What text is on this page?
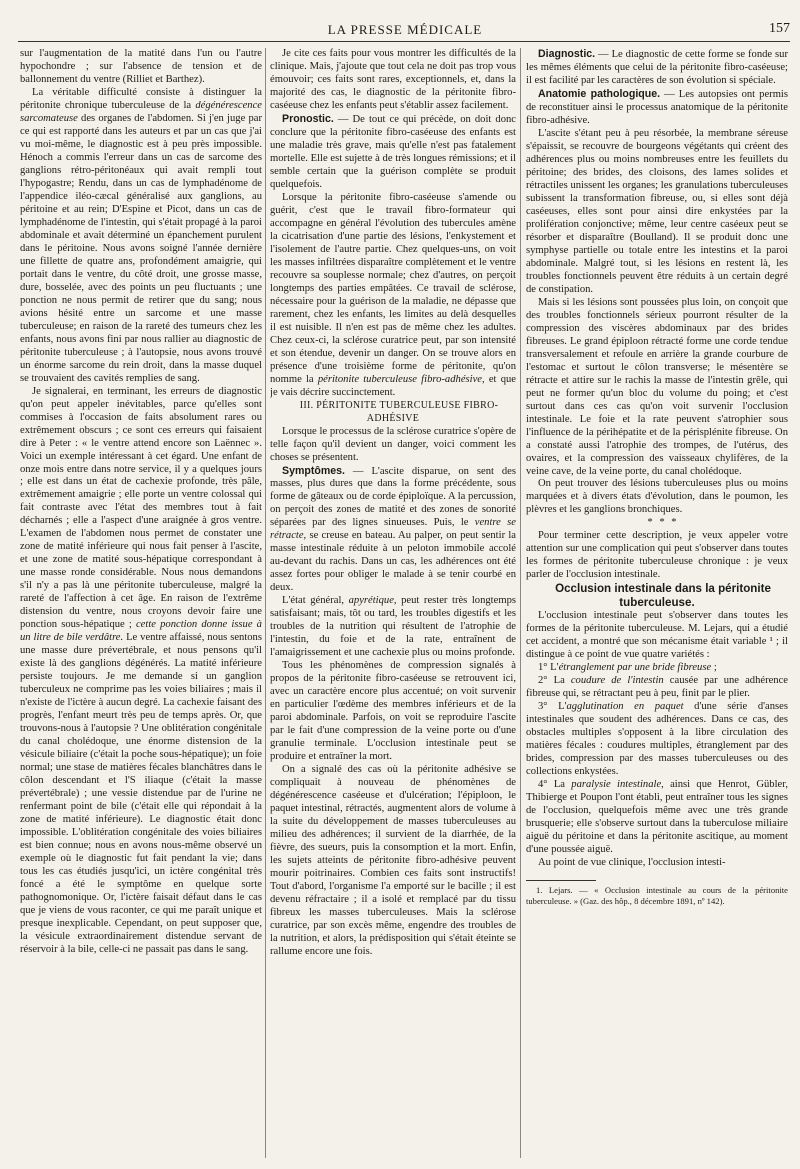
LA PRESSE MÉDICALE	157

sur l'augmentation de la matité dans l'un ou l'autre hypochondre ; sur l'absence de tension et de ballonnement du ventre (Rilliet et Barthez).

La véritable difficulté consiste à distinguer la péritonite chronique tuberculeuse de la dégénérescence sarcomateuse des organes de l'abdomen. Si j'en juge par ce qui est rapporté dans les auteurs et par un cas que j'ai vu moi-même, le diagnostic est à peu près impossible. Hénoch a commis l'erreur dans un cas de sarcome des ganglions rétro-péritonéaux qui avait rempli tout l'hypogastre; Rendu, dans un cas de lymphadénome de l'appendice iléo-cæcal généralisé aux ganglions, au péritoine et au rein; D'Espine et Picot, dans un cas de lymphadénome de l'intestin, qui s'était propagé à la paroi abdominale et avait déterminé un épanchement purulent dans le péritoine. Nous avons soigné l'année dernière une fillette de quatre ans, profondément amaigrie, qui portait dans le ventre, du côté droit, une grosse masse, dure, bosselée, avec des points un peu fluctuants ; une ponction ne nous permit de retirer que du sang; nous avions hésité entre un sarcome et une masse tuberculeuse; en raison de la rareté des tumeurs chez les enfants, nous avons fini par nous rallier au diagnostic de péritonite tuberculeuse ; à l'autopsie, nous avons trouvé un énorme sarcome du rein droit, dans la masse duquel se trouvaient des cavités remplies de sang.

Je signalerai, en terminant, les erreurs de diagnostic qu'on peut appeler inévitables, parce qu'elles sont commises à l'occasion de faits absolument rares ou extrêmement obscurs ; ce sont ces erreurs qui faisaient dire à Peter : « le ventre attend encore son Laënnec ». Voici un exemple intéressant à cet égard. Une enfant de onze mois entre dans notre service, il y a quelques jours ; elle est dans un état de cachexie profonde, très pâle, extrêmement amaigrie ; elle porte un ventre colossal qui fait contraste avec l'état des membres tout à fait décharnés ; elle a l'aspect d'une araignée à gros ventre. L'examen de l'abdomen nous permet de constater une zone de matité inférieure qui nous fait penser à l'ascite, et une zone de matité sous-hépatique correspondant à une masse ronde considérable. Nous nous demandons s'il n'y a pas là une péritonite tuberculeuse, malgré la rareté de l'affection à cet âge. En raison de l'extrême distension du ventre, nous croyons devoir faire une ponction sous-hépatique ; cette ponction donne issue à un litre de bile verdâtre. Le ventre affaissé, nous sentons une masse dure prévertébrale, et nous pensons qu'il existe là des ganglions dégénérés. La matité inférieure persiste toujours. Je me demande si un ganglion tuberculeux ne comprime pas les voies biliaires ; mais il n'existe de l'ictère à aucun degré. La cachexie faisant des progrès, l'enfant meurt très peu de temps après. Or, que trouvons-nous à l'autopsie ? Une oblitération congénitale du canal cholédoque, une énorme distension de la vésicule biliaire (c'était la poche sous-hépatique); un foie normal; une stase de matières fécales blanchâtres dans le côlon descendant et l'S iliaque (c'était la masse prévertébrale) ; une vessie distendue par de l'urine ne renfermant point de bile (c'était elle qui répondait à la zone de matité inférieure). Le diagnostic était donc impossible. L'oblitération congénitale des voies biliaires est bien connue; nous en avons nous-même observé un exemple où le diagnostic fut fait pendant la vie; dans tous les cas étudiés jusqu'ici, un ictère congénital très foncé a été le symptôme en quelque sorte pathognomonique. Or, l'ictère faisait défaut dans le cas que je viens de vous raconter, ce qui me paraît unique et presque inexplicable. Cependant, on peut supposer que, la vésicule extraordinairement distendue servant de réservoir à la bile, celle-ci ne passait pas dans le sang.

Je cite ces faits pour vous montrer les difficultés de la clinique. Mais, j'ajoute que tout cela ne doit pas trop vous émouvoir; ces faits sont rares, exceptionnels, et, dans la majorité des cas, le diagnostic de la péritonite fibro-caséeuse chez les enfants peut s'établir assez facilement.

Pronostic. — De tout ce qui précède, on doit donc conclure que la péritonite fibro-caséeuse des enfants est une maladie très grave, mais qu'elle n'est pas fatalement mortelle. Elle est sujette à de très longues rémissions; et il semble certain que la guérison complète se produit quelquefois.

Lorsque la péritonite fibro-caséeuse s'amende ou guérit, c'est que le travail fibro-formateur qui accompagne en général l'évolution des tubercules amène la cicatrisation d'une partie des lésions, l'enkystement et l'isolement de l'autre partie. Chez quelques-uns, on voit les masses infiltrées disparaître complètement et le ventre recouvre sa souplesse normale; chez d'autres, on perçoit longtemps des parties empâtées. Ce travail de sclérose, nécessaire pour la guérison de la maladie, ne dépasse que rarement, chez les enfants, les limites au delà desquelles il est nuisible. Il n'en est pas de même chez les adultes. Chez ceux-ci, la sclérose curatrice peut, par son intensité et son étendue, devenir un danger. On se trouve alors en présence d'une troisième forme de péritonite, qu'on nomme la péritonite tuberculeuse fibro-adhésive, et que je vais décrire succinctement.

III. PÉRITONITE TUBERCULEUSE FIBRO-ADHÉSIVE

Lorsque le processus de la sclérose curatrice s'opère de telle façon qu'il devient un danger, voici comment les choses se présentent.

Symptômes. — L'ascite disparue, on sent des masses, plus dures que dans la forme précédente, sous forme de gâteaux ou de corde épiploïque. A la percussion, on perçoit des zones de matité et des zones de sonorité séparées par des lignes sinueuses. Puis, le ventre se rétracte, se creuse en bateau. Au palper, on peut sentir la masse intestinale réduite à un peloton immobile accolé au-devant du rachis. Dans un cas, les adhérences ont été assez fortes pour obliger le malade à se tenir courbé en deux.

L'état général, apyrétique, peut rester très longtemps satisfaisant; mais, tôt ou tard, les troubles digestifs et les troubles de la nutrition qui résultent de l'atrophie de l'intestin, du foie et de la rate, entraînent de l'amaigrissement et une cachexie plus ou moins profonde.

Tous les phénomènes de compression signalés à propos de la péritonite fibro-caséeuse se retrouvent ici, avec un caractère encore plus accentué; on voit survenir en particulier l'œdème des membres inférieurs et de la paroi abdominale. Parfois, on voit se reproduire l'ascite par le fait d'une compression de la veine porte ou d'une granulie terminale. L'occlusion intestinale peut se produire et entraîner la mort.

On a signalé des cas où la péritonite adhésive se compliquait à nouveau de phénomènes de dégénérescence caséeuse et d'ulcération; l'épiploon, le paquet intestinal, rétractés, augmentent alors de volume à la suite du développement de masses tuberculeuses au milieu des adhérences; il survient de la diarrhée, de la fièvre, des sueurs, puis la consomption et la mort. Enfin, les sujets atteints de péritonite fibro-adhésive peuvent mourir poitrinaires. Combien ces faits sont instructifs! Tout d'abord, l'organisme l'a emporté sur le bacille ; il est devenu réfractaire ; il a isolé et remplacé par du tissu fibreux les masses tuberculeuses. Mais la sclérose curatrice, par son excès même, engendre des troubles de la nutrition, et alors, la prédisposition qui s'était éteinte se rallume encore une fois.

Diagnostic. — Le diagnostic de cette forme se fonde sur les mêmes éléments que celui de la péritonite fibro-caséeuse; il est facilité par les caractères de son évolution si spéciale.

Anatomie pathologique. — Les autopsies ont permis de reconstituer ainsi le processus anatomique de la péritonite fibro-adhésive.

L'ascite s'étant peu à peu résorbée, la membrane séreuse s'épaissit, se recouvre de bourgeons végétants qui créent des adhérences plus ou moins nombreuses entre les feuillets du péritoine; des brides, des cloisons, des lames solides et rétractiles unissent les organes; les granulations tuberculeuses subissent la transformation fibreuse, ou, si elles sont déjà caséeuses, elles sont pour ainsi dire enkystées par la prolifération conjonctive; même, leur centre caséeux peut se résorber et disparaître (Boulland). Il se produit donc une symphyse partielle ou totale entre les intestins et la paroi abdominale. Malgré tout, si les lésions en restent là, les troubles fonctionnels peuvent être réduits à un certain degré de constipation.

Mais si les lésions sont poussées plus loin, on conçoit que des troubles fonctionnels sérieux pourront résulter de la compression des viscères abdominaux par des brides fibreuses. Le grand épiploon rétracté forme une corde tendue transversalement et refoule en arrière la grande courbure de l'estomac et surtout le côlon transverse; le mésentère se rétracte et attire sur le rachis la masse de l'intestin grêle, qui peut ne former qu'un bloc du volume du poing; et c'est surtout dans ces cas qu'on voit survenir l'occlusion intestinale. Le foie et la rate peuvent s'atrophier sous l'influence de la périhépatite et de la périsplénite fibreuse. On a constaté aussi l'atrophie des trompes, de l'utérus, des ovaires, et la compression des vaisseaux chylifères, de la veine cave, de la veine porte, du canal cholédoque.

On peut trouver des lésions tuberculeuses plus ou moins marquées et à divers états d'évolution, dans le poumon, les plèvres et les ganglions bronchiques.

* * *

Pour terminer cette description, je veux appeler votre attention sur une complication qui peut s'observer dans toutes les formes de péritonite tuberculeuse chronique : je veux parler de l'occlusion intestinale.

Occlusion intestinale dans la péritonite tuberculeuse.

L'occlusion intestinale peut s'observer dans toutes les formes de la péritonite tuberculeuse. M. Lejars, qui a étudié cet accident, a montré que son mécanisme était variable ¹ ; il distingue à ce point de vue quatre variétés :

1° L'étranglement par une bride fibreuse ;

2° La coudure de l'intestin causée par une adhérence fibreuse qui, se rétractant peu à peu, finit par le plier.

3° L'agglutination en paquet d'une série d'anses intestinales que soudent des adhérences. Dans ce cas, des obstacles multiples s'opposent à la libre circulation des matières fécales : coudures multiples, étranglement par des brides, compression par des masses tuberculeuses ou des collections enkystées.

4° La paralysie intestinale, ainsi que Henrot, Gübler, Thibierge et Poupon l'ont établi, peut entraîner tous les signes de l'occlusion, quelquefois même avec une très grande brusquerie; elle s'observe surtout dans la tuberculose miliaire aiguë du péritoine et dans la péritonite ascitique, au moment d'une poussée aiguë.

Au point de vue clinique, l'occlusion intesti-

1. Lejars. — « Occlusion intestinale au cours de la péritonite tuberculeuse. » (Gaz. des hôp., 8 décembre 1891, nº 142).
